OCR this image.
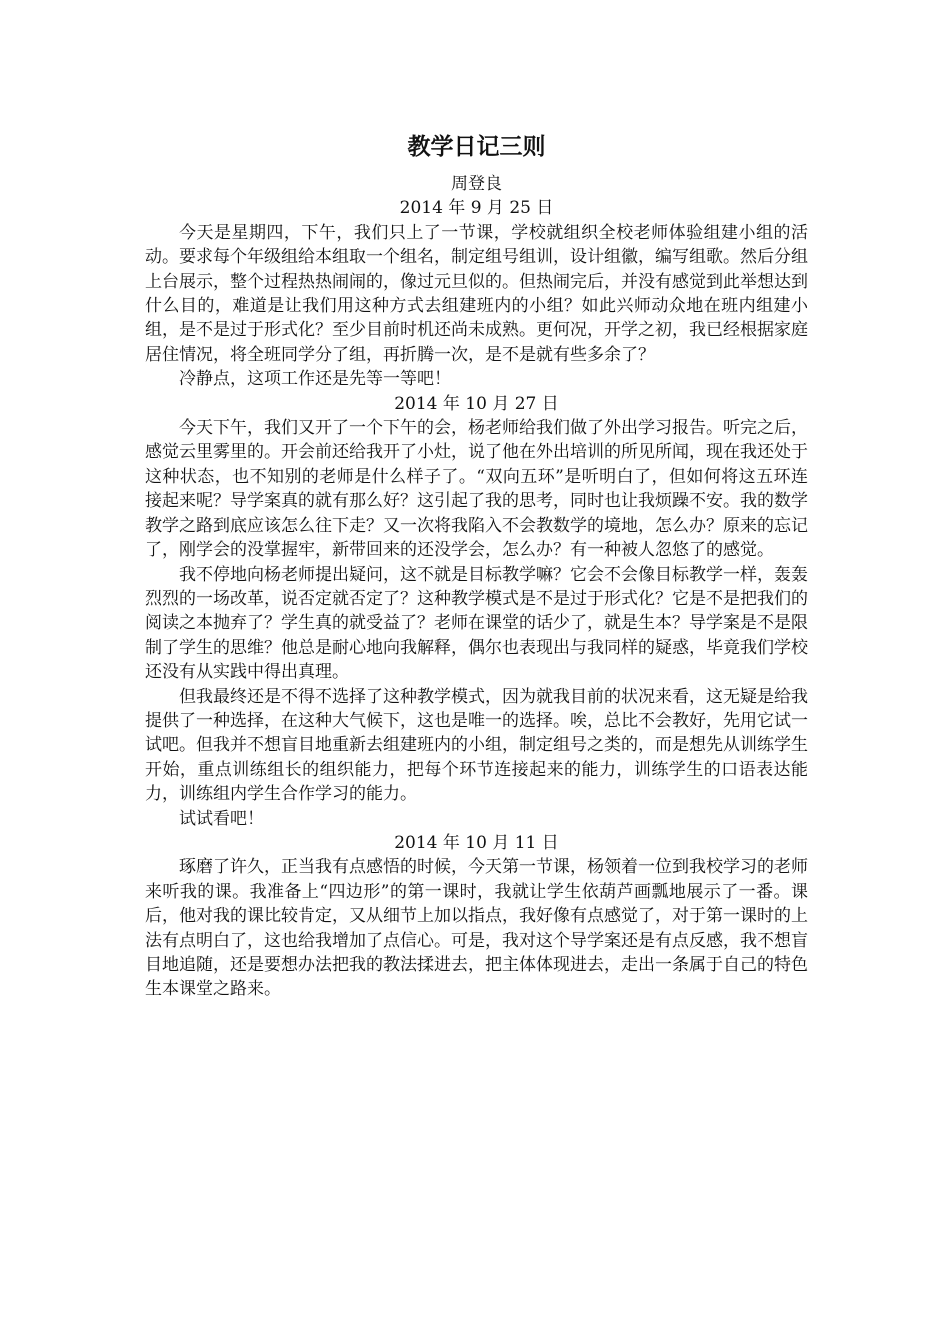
教学日记三则

周登良

2014 年 9 月 25 日

今天是星期四，下午，我们只上了一节课，学校就组织全校老师体验组建小组的活动。要求每个年级组给本组取一个组名，制定组号组训，设计组徽，编写组歌。然后分组上台展示，整个过程热热闹闹的，像过元旦似的。但热闹完后，并没有感觉到此举想达到什么目的，难道是让我们用这种方式去组建班内的小组？如此兴师动众地在班内组建小组，是不是过于形式化？至少目前时机还尚未成熟。更何况，开学之初，我已经根据家庭居住情况，将全班同学分了组，再折腾一次，是不是就有些多余了？

冷静点，这项工作还是先等一等吧！

2014 年 10 月 27 日

今天下午，我们又开了一个下午的会，杨老师给我们做了外出学习报告。听完之后，感觉云里雾里的。开会前还给我开了小灶，说了他在外出培训的所见所闻，现在我还处于这种状态，也不知别的老师是什么样子了。“双向五环”是听明白了，但如何将这五环连接起来呢？导学案真的就有那么好？这引起了我的思考，同时也让我烦躁不安。我的数学教学之路到底应该怎么往下走？又一次将我陷入不会教数学的境地，怎么办？原来的忘记了，刚学会的没掌握牢，新带回来的还没学会，怎么办？有一种被人忽悠了的感觉。

我不停地向杨老师提出疑问，这不就是目标教学嘛？它会不会像目标教学一样，轰轰烈烈的一场改革，说否定就否定了？这种教学模式是不是过于形式化？它是不是把我们的阅读之本抛弃了？学生真的就受益了？老师在课堂的话少了，就是生本？导学案是不是限制了学生的思维？他总是耐心地向我解释，偶尔也表现出与我同样的疑惑，毕竟我们学校还没有从实践中得出真理。

但我最终还是不得不选择了这种教学模式，因为就我目前的状况来看，这无疑是给我提供了一种选择，在这种大气候下，这也是唯一的选择。唉，总比不会教好，先用它试一试吧。但我并不想盲目地重新去组建班内的小组，制定组号之类的，而是想先从训练学生开始，重点训练组长的组织能力，把每个环节连接起来的能力，训练学生的口语表达能力，训练组内学生合作学习的能力。

试试看吧！

2014 年 10 月 11 日

琢磨了许久，正当我有点感悟的时候，今天第一节课，杨领着一位到我校学习的老师来听我的课。我准备上“四边形”的第一课时，我就让学生依葫芦画瓢地展示了一番。课后，他对我的课比较肯定，又从细节上加以指点，我好像有点感觉了，对于第一课时的上法有点明白了，这也给我增加了点信心。可是，我对这个导学案还是有点反感，我不想盲目地追随，还是要想办法把我的教法揉进去，把主体体现进去，走出一条属于自己的特色生本课堂之路来。
